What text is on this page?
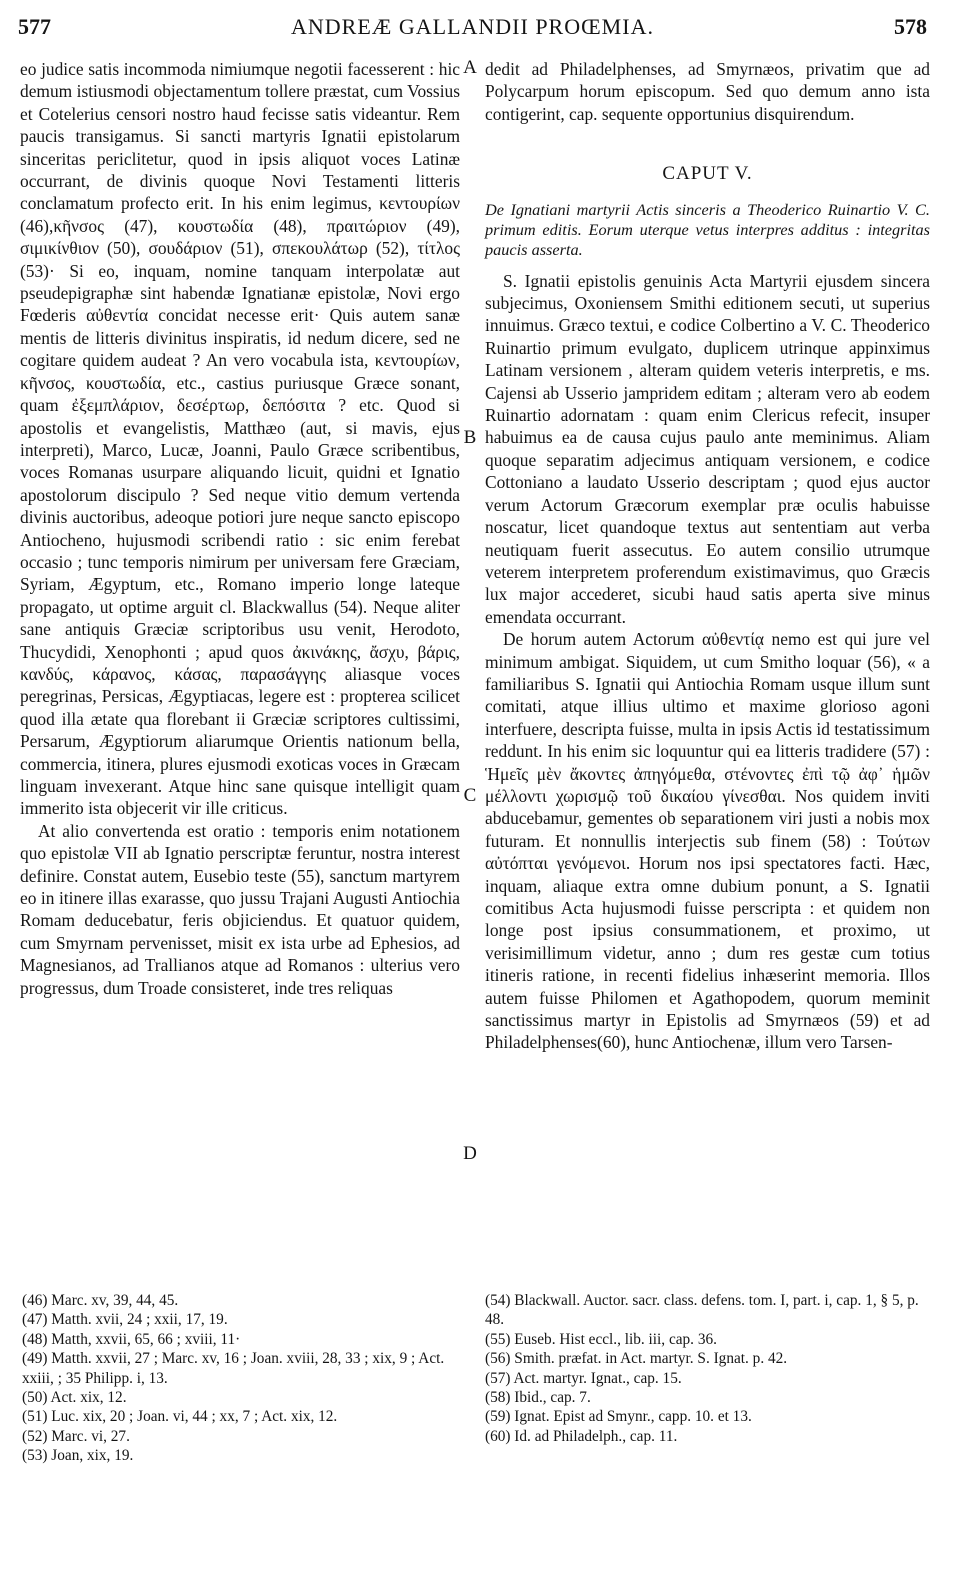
577	ANDREÆ GALLANDII PROŒMIA.	578

eo judice satis incommoda nimiumque negotii facesserent : hic demum istiusmodi objectamentum tollere præstat, cum Vossius et Cotelerius censori nostro haud fecisse satis videantur. Rem paucis transigamus. Si sancti martyris Ignatii epistolarum sinceritas periclitetur, quod in ipsis aliquot voces Latinæ occurrant, de divinis quoque Novi Testamenti litteris conclamatum profecto erit. In his enim legimus, κεντουρίων (46),κῆνσος (47), κουστωδία (48), πραιτώριον (49), σιμικίνθιον (50), σουδάριον (51), σπεκουλάτωρ (52), τίτλος (53)· Si eo, inquam, nomine tanquam interpolatæ aut pseudepigraphæ sint habendæ Ignatianæ epistolæ, Novi ergo Fœderis αὐθεντία concidat necesse erit· Quis autem sanæ mentis de litteris divinitus inspiratis, id nedum dicere, sed ne cogitare quidem audeat ? An vero vocabula ista, κεντουρίων, κῆνσος, κουστωδία, etc., castius puriusque Græce sonant, quam ἐξεμπλάριον, δεσέρτωρ, δεπόσιτα ? etc. Quod si apostolis et evangelistis, Matthæo (aut, si mavis, ejus interpreti), Marco, Lucæ, Joanni, Paulo Græce scribentibus, voces Romanas usurpare aliquando licuit, quidni et Ignatio apostolorum discipulo ? Sed neque vitio demum vertenda divinis auctoribus, adeoque potiori jure neque sancto episcopo Antiocheno, hujusmodi scribendi ratio : sic enim ferebat occasio ; tunc temporis nimirum per universam fere Græciam, Syriam, Ægyptum, etc., Romano imperio longe lateque propagato, ut optime arguit cl. Blackwallus (54). Neque aliter sane antiquis Græciæ scriptoribus usu venit, Herodoto, Thucydidi, Xenophonti ; apud quos ἀκινάκης, ἄσχυ, βάρις, κανδύς, κάρανος, κάσας, παρασάγγης aliasque voces peregrinas, Persicas, Ægyptiacas, legere est : propterea scilicet quod illa ætate qua florebant ii Græciæ scriptores cultissimi, Persarum, Ægyptiorum aliarumque Orientis nationum bella, commercia, itinera, plures ejusmodi exoticas voces in Græcam linguam invexerant. Atque hinc sane quisque intelligit quam immerito ista objecerit vir ille criticus.

At alio convertenda est oratio : temporis enim notationem quo epistolæ VII ab Ignatio perscriptæ feruntur, nostra interest definire. Constat autem, Eusebio teste (55), sanctum martyrem eo in itinere illas exarasse, quo jussu Trajani Augusti Antiochia Romam deducebatur, feris objiciendus. Et quatuor quidem, cum Smyrnam pervenisset, misit ex ista urbe ad Ephesios, ad Magnesianos, ad Trallianos atque ad Romanos : ulterius vero progressus, dum Troade consisteret, inde tres reliquas

A
B
C
D

dedit ad Philadelphenses, ad Smyrnæos, privatim que ad Polycarpum horum episcopum. Sed quo demum anno ista contigerint, cap. sequente opportunius disquirendum.

CAPUT V.
De Ignatiani martyrii Actis sinceris a Theoderico Ruinartio V. C. primum editis. Eorum uterque vetus interpres additus : integritas paucis asserta.

S. Ignatii epistolis genuinis Acta Martyrii ejusdem sincera subjecimus, Oxoniensem Smithi editionem secuti, ut superius innuimus. Græco textui, e codice Colbertino a V. C. Theoderico Ruinartio primum evulgato, duplicem utrinque appinximus Latinam versionem , alteram quidem veteris interpretis, e ms. Cajensi ab Usserio jampridem editam ; alteram vero ab eodem Ruinartio adornatam : quam enim Clericus refecit, insuper habuimus ea de causa cujus paulo ante meminimus. Aliam quoque separatim adjecimus antiquam versionem, e codice Cottoniano a laudato Usserio descriptam ; quod ejus auctor verum Actorum Græcorum exemplar præ oculis habuisse noscatur, licet quandoque textus aut sententiam aut verba neutiquam fuerit assecutus. Eo autem consilio utrumque veterem interpretem proferendum existimavimus, quo Græcis lux major accederet, sicubi haud satis aperta sive minus emendata occurrant.

De horum autem Actorum αὐθεντίᾳ nemo est qui jure vel minimum ambigat. Siquidem, ut cum Smitho loquar (56), « a familiaribus S. Ignatii qui Antiochia Romam usque illum sunt comitati, atque illius ultimo et maxime glorioso agoni interfuere, descripta fuisse, multa in ipsis Actis id testatissimum reddunt. In his enim sic loquuntur qui ea litteris tradidere (57) : Ἡμεῖς μὲν ἄκοντες ἀπηγόμεθα, στένοντες ἐπὶ τῷ ἀφ᾽ ἡμῶν μέλλοντι χωρισμῷ τοῦ δικαίου γίνεσθαι. Nos quidem inviti abducebamur, gementes ob separationem viri justi a nobis mox futuram. Et nonnullis interjectis sub finem (58) : Τούτων αὐτόπται γενόμενοι. Horum nos ipsi spectatores facti. Hæc, inquam, aliaque extra omne dubium ponunt, a S. Ignatii comitibus Acta hujusmodi fuisse perscripta : et quidem non longe post ipsius consummationem, et proximo, ut verisimillimum videtur, anno ; dum res gestæ cum totius itineris ratione, in recenti fidelius inhæserint memoria. Illos autem fuisse Philomen et Agathopodem, quorum meminit sanctissimus martyr in Epistolis ad Smyrnæos (59) et ad Philadelphenses(60), hunc Antiochenæ, illum vero Tarsen-

(46) Marc. xv, 39, 44, 45.

(47) Matth. xvii, 24 ; xxii, 17, 19.

(48) Matth, xxvii, 65, 66 ; xviii, 11·

(49) Matth. xxvii, 27 ; Marc. xv, 16 ; Joan. xviii, 28, 33 ; xix, 9 ; Act. xxiii, ; 35 Philipp. i, 13.

(50) Act. xix, 12.

(51) Luc. xix, 20 ; Joan. vi, 44 ; xx, 7 ; Act. xix, 12.

(52) Marc. vi, 27.

(53) Joan, xix, 19.

(54) Blackwall. Auctor. sacr. class. defens. tom. I, part. i, cap. 1, § 5, p. 48.

(55) Euseb. Hist eccl., lib. iii, cap. 36.

(56) Smith. præfat. in Act. martyr. S. Ignat. p. 42.

(57) Act. martyr. Ignat., cap. 15.

(58) Ibid., cap. 7.

(59) Ignat. Epist ad Smynr., capp. 10. et 13.

(60) Id. ad Philadelph., cap. 11.
